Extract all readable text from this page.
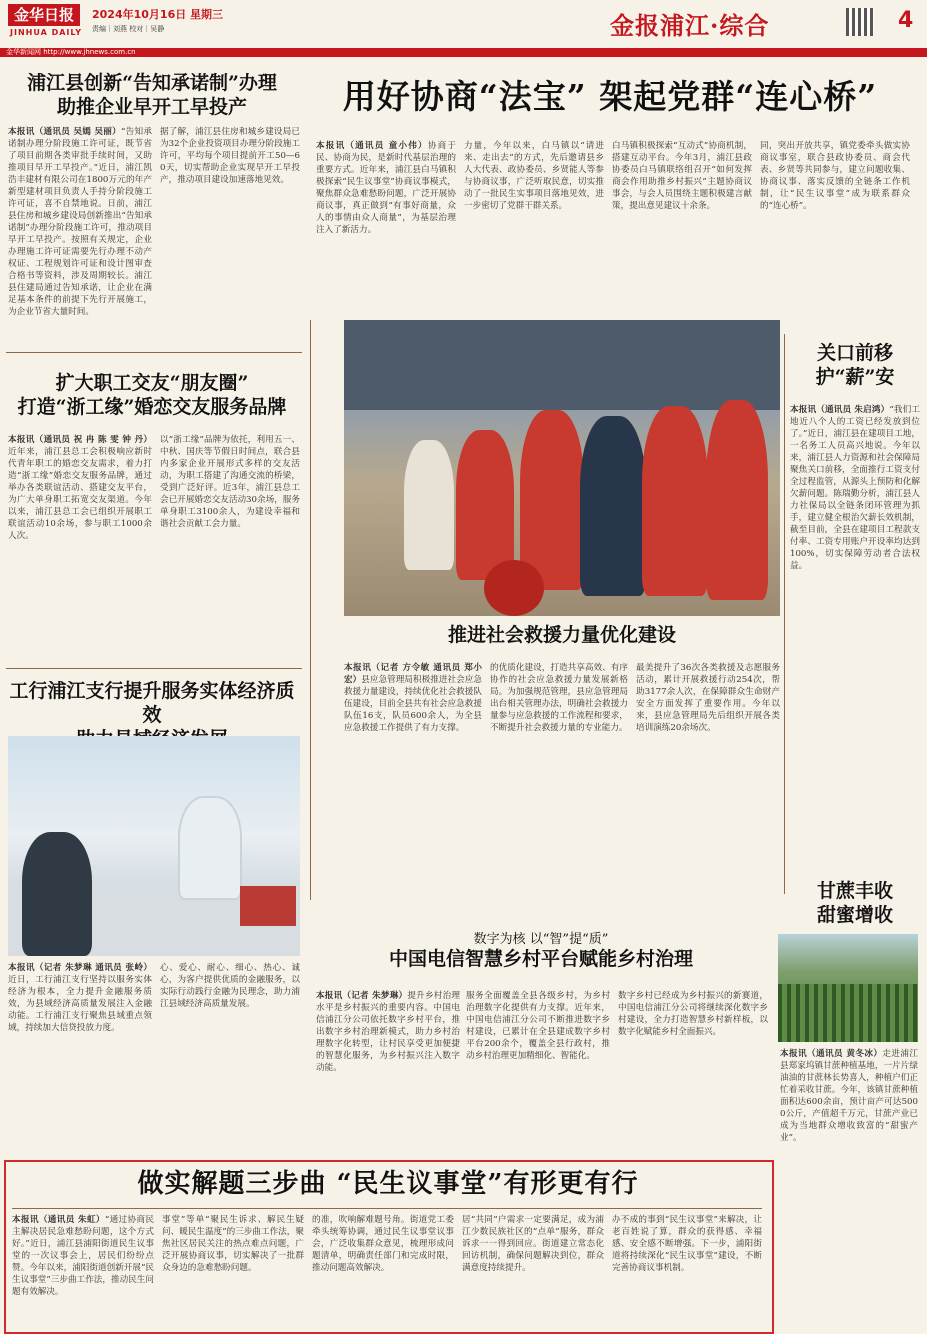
金华日报
JINHUA DAILY
2024年10月16日 星期三
责编｜刘燕 校对｜吴静	金报浦江·综合	4
金华新闻网 http://www.jhnews.com.cn
浦江县创新“告知承诺制”办理
助推企业早开工早投产
本报讯（通讯员 吴嫣 吴丽）“告知承诺制办理分阶段施工许可证，既节省了项目前期各类审批手续时间，又助推项目早开工早投产。”近日，浦江凯浩丰建材有限公司在1800万元的年产新型建材项目负责人手持分阶段施工许可证，喜不自禁地说。日前，浦江县住房和城乡建设局创新推出“告知承诺制”办理分阶段施工许可，推动项目早开工早投产。按照有关规定，企业办理施工许可证需要先行办理不动产权证、工程规划许可证和设计图审查合格书等资料，涉及周期较长。浦江县住建局通过告知承诺，让企业在满足基本条件的前提下先行开展施工，为企业节省大量时间。
据了解，浦江县住房和城乡建设局已为32个企业投资项目办理分阶段施工许可，平均每个项目提前开工50—60天，切实帮助企业实现早开工早投产，推动项目建设加速落地见效。
扩大职工交友“朋友圈”
打造“浙工缘”婚恋交友服务品牌
本报讯（通讯员 祝 冉 陈 雯 钟 丹）近年来，浦江县总工会积极响应新时代青年职工的婚恋交友需求，着力打造“浙工缘”婚恋交友服务品牌，通过举办各类联谊活动、搭建交友平台，为广大单身职工拓宽交友渠道。今年以来，浦江县总工会已组织开展职工联谊活动10余场，参与职工1000余人次。
以“浙工缘”品牌为依托，利用五一、中秋、国庆等节假日时间点，联合县内多家企业开展形式多样的交友活动，为职工搭建了沟通交流的桥梁，受到广泛好评。近3年，浦江县总工会已开展婚恋交友活动30余场，服务单身职工3100余人，为建设幸福和谐社会贡献工会力量。
工行浦江支行提升服务实体经济质效
本报讯（记者 朱梦琳 通讯员 张岭）近日，工行浦江支行坚持以服务实体经济为根本，全力提升金融服务质效，为县域经济高质量发展注入金融动能。工行浦江支行聚焦县域重点领域，持续加大信贷投放力度。
心、爱心、耐心、细心、热心、诚心，为客户提供优质的金融服务，以实际行动践行金融为民理念，助力浦江县域经济高质量发展。
用好协商“法宝” 架起党群“连心桥”
本报讯（通讯员 童小伟）协商于民、协商为民，是新时代基层治理的重要方式。近年来，浦江县白马镇积极探索“民生议事堂”协商议事模式，聚焦群众急难愁盼问题，广泛开展协商议事，真正做到“有事好商量，众人的事情由众人商量”，为基层治理注入了新活力。
力量，今年以来，白马镇以“请进来、走出去”的方式，先后邀请县乡人大代表、政协委员、乡贤能人等参与协商议事，广泛听取民意，切实推动了一批民生实事项目落地见效，进一步密切了党群干群关系。
白马镇积极探索“互动式”协商机制，搭建互动平台。今年3月，浦江县政协委员白马镇联络组召开“如何发挥商会作用助推乡村振兴”主题协商议事会，与会人员围绕主题积极建言献策，提出意见建议十余条。
同，突出开放共享，镇党委牵头做实协商议事室，联合县政协委员、商会代表、乡贤等共同参与，建立问题收集、协商议事、落实反馈的全链条工作机制，让“民生议事堂”成为联系群众的“连心桥”。
推进社会救援力量优化建设
本报讯（记者 方令敏 通讯员 郑小宏）县应急管理局积极推进社会应急救援力量建设，持续优化社会救援队伍建设，目前全县共有社会应急救援队伍16支，队员600余人，为全县应急救援工作提供了有力支撑。
的优质化建设，打造共享高效、有序协作的社会应急救援力量发展新格局。为加强规范管理，县应急管理局出台相关管理办法，明确社会救援力量参与应急救援的工作流程和要求，不断提升社会救援力量的专业能力。
最美提升了36次各类救援及志愿服务活动，累计开展救援行动254次，帮助3177余人次，在保障群众生命财产安全方面发挥了重要作用。今年以来，县应急管理局先后组织开展各类培训演练20余场次。
关口前移 护“薪”安
本报讯（通讯员 朱启鸿）“我们工地近八个人的工资已经发放到位了。”近日，浦江县在建项目工地，一名务工人员高兴地说。今年以来，浦江县人力资源和社会保障局聚焦关口前移，全面推行工资支付全过程监管，从源头上预防和化解欠薪问题。陈瑞勤分析，浦江县人力社保局以全链条闭环管理为抓手，建立健全根治欠薪长效机制，截至目前，全县在建项目工程款支付率、工资专用账户开设率均达到100%，切实保障劳动者合法权益。
数字为核 以“智”提“质”
中国电信智慧乡村平台赋能乡村治理
本报讯（记者 朱梦琳）提升乡村治理水平是乡村振兴的重要内容。中国电信浦江分公司依托数字乡村平台，推出数字乡村治理新模式，助力乡村治理数字化转型，让村民享受更加便捷的智慧化服务，为乡村振兴注入数字动能。
服务全面覆盖全县各级乡村，为乡村治理数字化提供有力支撑。近年来，中国电信浦江分公司不断推进数字乡村建设，已累计在全县建成数字乡村平台200余个，覆盖全县行政村，推动乡村治理更加精细化、智能化。
数字乡村已经成为乡村振兴的新赛道，中国电信浦江分公司将继续深化数字乡村建设，全力打造智慧乡村新样板，以数字化赋能乡村全面振兴。
甘蔗丰收
甜蜜增收
本报讯（通讯员 黄冬冰）走进浦江县郑家坞镇甘蔗种植基地，一片片绿油油的甘蔗林长势喜人，种植户们正忙着采收甘蔗。今年，该镇甘蔗种植面积达600余亩，预计亩产可达5000公斤，产值超千万元，甘蔗产业已成为当地群众增收致富的“甜蜜产业”。
做实解题三步曲 “民生议事堂”有形更有行
本报讯（通讯员 朱虹）“通过协商民主解决居民急难愁盼问题，这个方式好。”近日，浦江县浦阳街道民生议事堂的一次议事会上，居民们纷纷点赞。今年以来，浦阳街道创新开展“民生议事堂”三步曲工作法，推动民生问题有效解决。
事堂”等单“聚民生诉求、解民生疑问、暖民生温度”的三步曲工作法，聚焦社区居民关注的热点难点问题，广泛开展协商议事，切实解决了一批群众身边的急难愁盼问题。
的准，吹响解难题号角。街道党工委牵头统筹协调，通过民生议事堂议事会，广泛收集群众意见，梳理形成问题清单，明确责任部门和完成时限，推动问题高效解决。
居“共同”户需求一定要满足，成为浦江少数民族社区的“点单”服务，群众诉求一一得到回应。街道建立常态化回访机制，确保问题解决到位，群众满意度持续提升。
办不成的事到“民生议事堂”来解决，让老百姓说了算，群众的获得感、幸福感、安全感不断增强。下一步，浦阳街道将持续深化“民生议事堂”建设，不断完善协商议事机制。
